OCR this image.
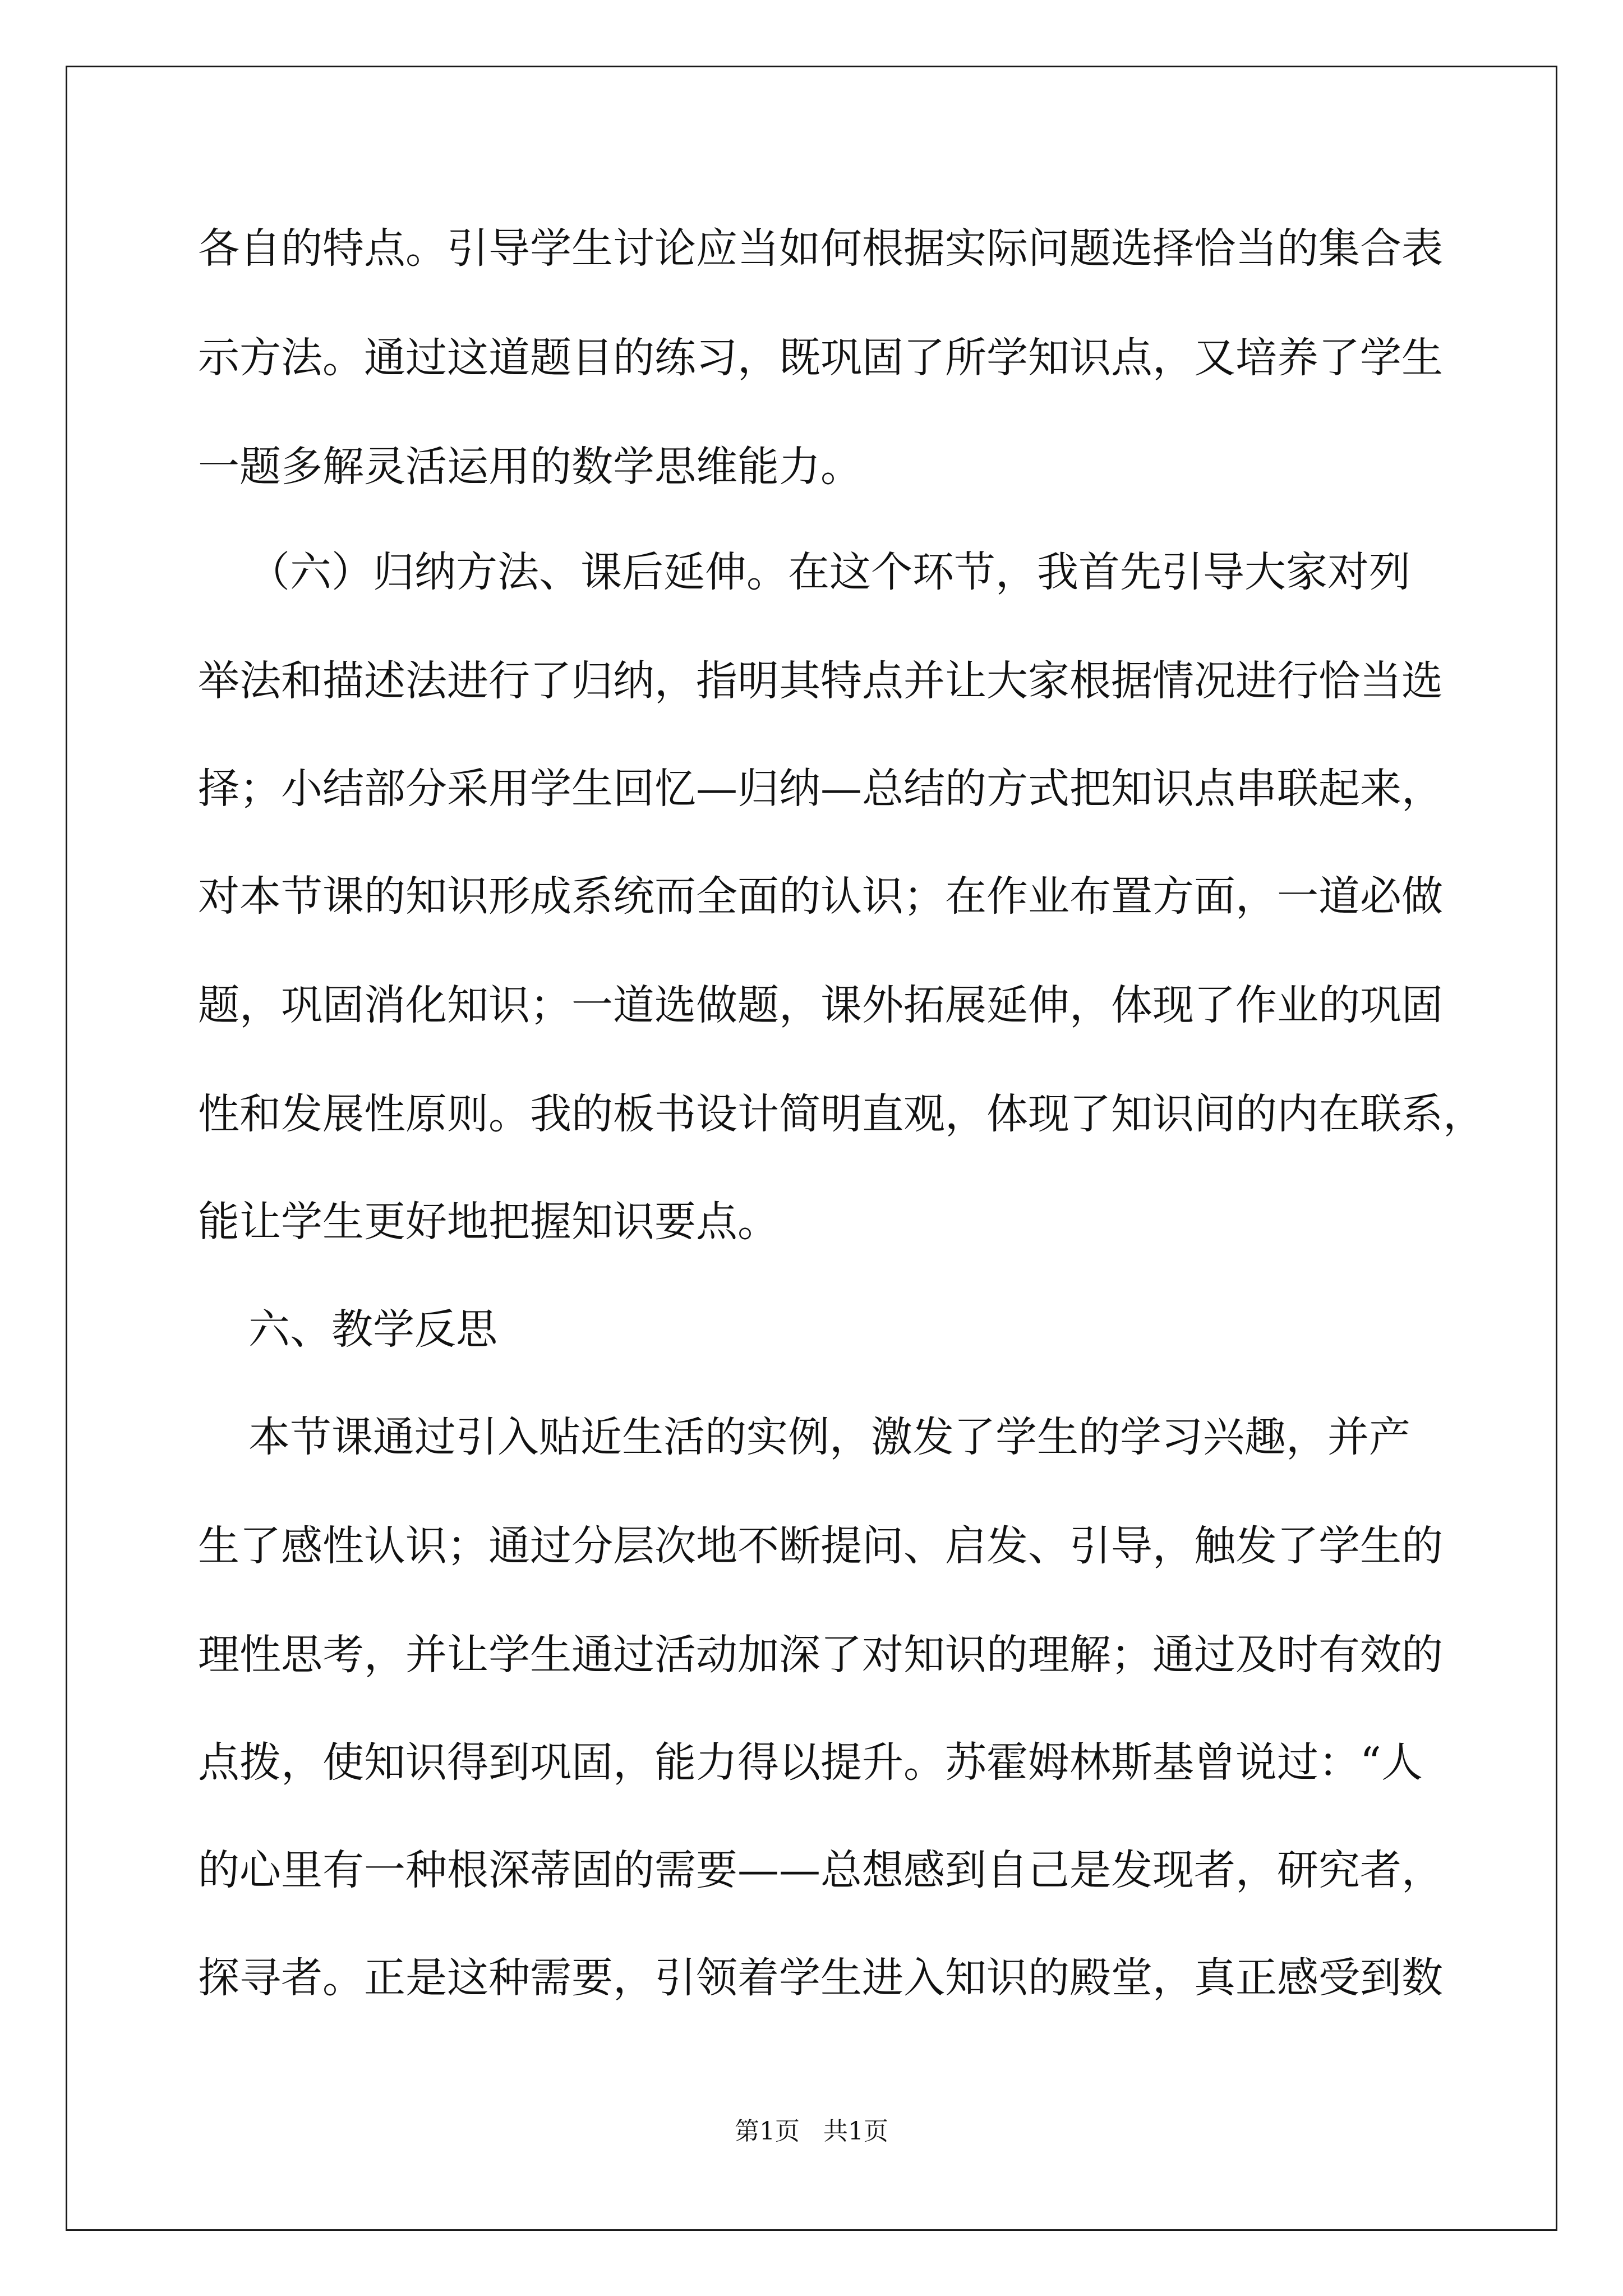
各自的特点。引导学生讨论应当如何根据实际问题选择恰当的集合表

示方法。通过这道题目的练习，既巩固了所学知识点，又培养了学生

一题多解灵活运用的数学思维能力。

（六）归纳方法、课后延伸。在这个环节，我首先引导大家对列

举法和描述法进行了归纳，指明其特点并让大家根据情况进行恰当选

择；小结部分采用学生回忆—归纳—总结的方式把知识点串联起来，

对本节课的知识形成系统而全面的认识；在作业布置方面，一道必做

题，巩固消化知识；一道选做题，课外拓展延伸，体现了作业的巩固

性和发展性原则。我的板书设计简明直观，体现了知识间的内在联系，

能让学生更好地把握知识要点。

六、教学反思

本节课通过引入贴近生活的实例，激发了学生的学习兴趣，并产

生了感性认识；通过分层次地不断提问、启发、引导，触发了学生的

理性思考，并让学生通过活动加深了对知识的理解；通过及时有效的

点拨，使知识得到巩固，能力得以提升。苏霍姆林斯基曾说过：“人

的心里有一种根深蒂固的需要——总想感到自己是发现者，研究者，

探寻者。正是这种需要，引领着学生进入知识的殿堂，真正感受到数

第1页   共1页
